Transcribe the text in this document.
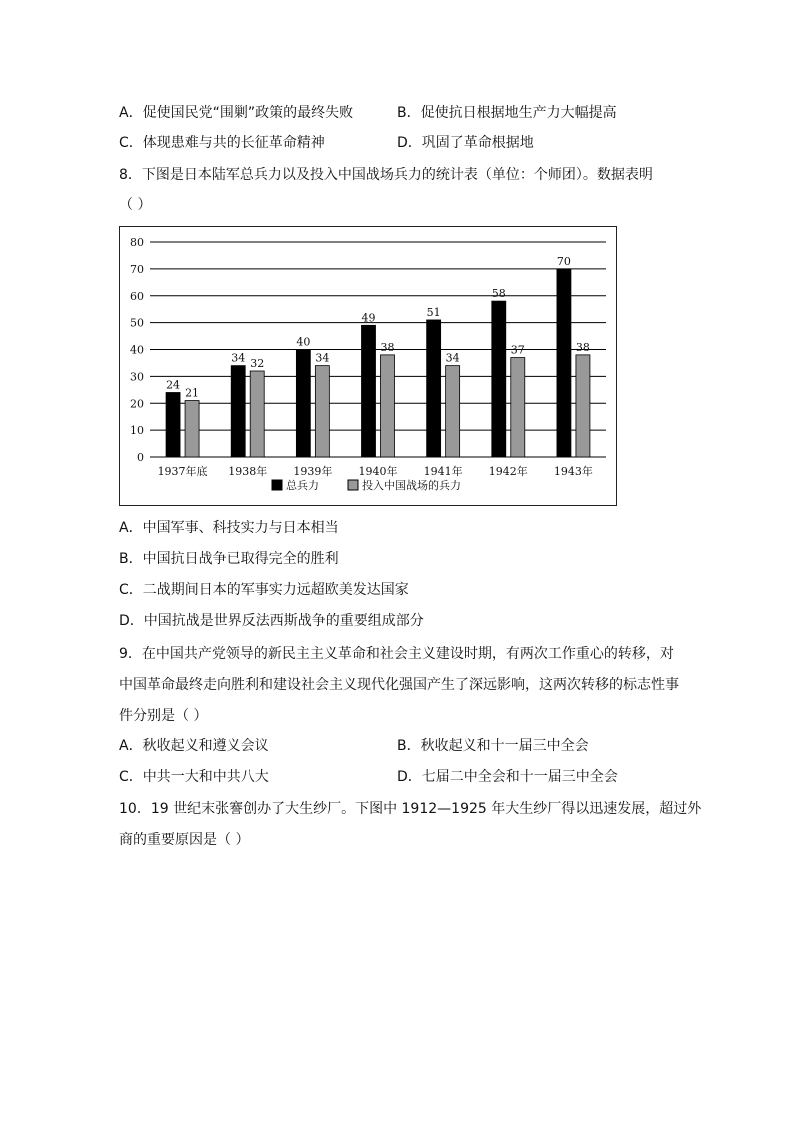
A．促使国民党“围剿”政策的最终失败	B．促使抗日根据地生产力大幅提高
C．体现患难与共的长征革命精神	D．巩固了革命根据地
8．下图是日本陆军总兵力以及投入中国战场兵力的统计表（单位：个师团）。数据表明
（ ）
0
10
20
30
40
50
60
70
80
24
21
1937年底
34 32
1938年
40
34
1939年
49
38
1940年
51
34
1941年
58
37
1942年
70
38
1943年
总兵力	投入中国战场的兵力
A．中国军事、科技实力与日本相当
B．中国抗日战争已取得完全的胜利
C．二战期间日本的军事实力远超欧美发达国家
D．中国抗战是世界反法西斯战争的重要组成部分
9．在中国共产党领导的新民主主义革命和社会主义建设时期，有两次工作重心的转移，对
中国革命最终走向胜利和建设社会主义现代化强国产生了深远影响，这两次转移的标志性事
件分别是（ ）
A．秋收起义和遵义会议	B．秋收起义和十一届三中全会
C．中共一大和中共八大	D．七届二中全会和十一届三中全会
10．19 世纪末张謇创办了大生纱厂。下图中 1912—1925 年大生纱厂得以迅速发展，超过外
商的重要原因是（ ）
